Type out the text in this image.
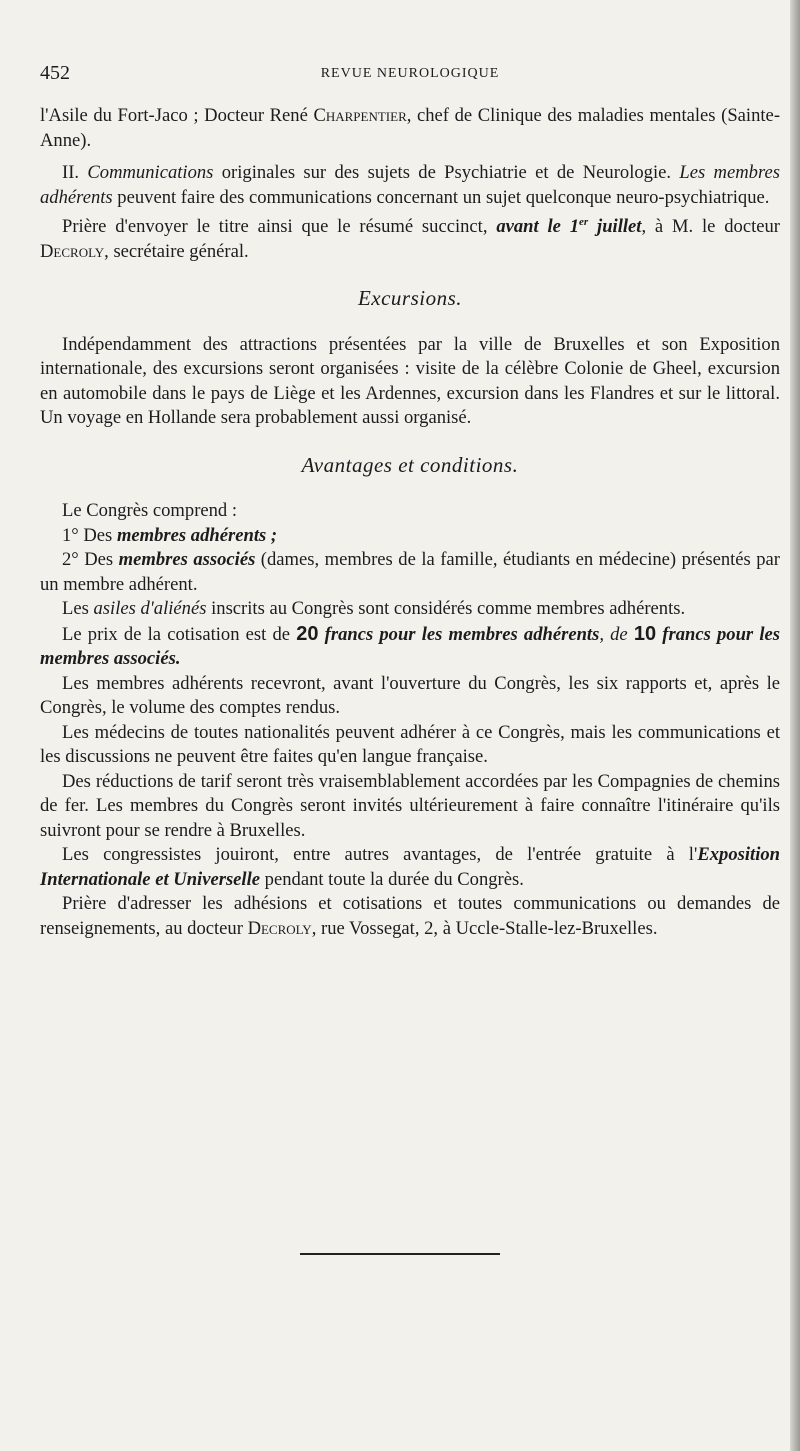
452	REVUE NEUROLOGIQUE

l'Asile du Fort-Jaco ; Docteur René Charpentier, chef de Clinique des maladies mentales (Sainte-Anne).

II. Communications originales sur des sujets de Psychiatrie et de Neurologie. Les membres adhérents peuvent faire des communications concernant un sujet quelconque neuro-psychiatrique.

Prière d'envoyer le titre ainsi que le résumé succinct, avant le 1er juillet, à M. le docteur Decroly, secrétaire général.

Excursions.

Indépendamment des attractions présentées par la ville de Bruxelles et son Exposition internationale, des excursions seront organisées : visite de la célèbre Colonie de Gheel, excursion en automobile dans le pays de Liège et les Ardennes, excursion dans les Flandres et sur le littoral. Un voyage en Hollande sera probablement aussi organisé.

Avantages et conditions.

Le Congrès comprend :

1° Des membres adhérents ;

2° Des membres associés (dames, membres de la famille, étudiants en médecine) présentés par un membre adhérent.

Les asiles d'aliénés inscrits au Congrès sont considérés comme membres adhérents.

Le prix de la cotisation est de 20 francs pour les membres adhérents, de 10 francs pour les membres associés.

Les membres adhérents recevront, avant l'ouverture du Congrès, les six rapports et, après le Congrès, le volume des comptes rendus.

Les médecins de toutes nationalités peuvent adhérer à ce Congrès, mais les communications et les discussions ne peuvent être faites qu'en langue française.

Des réductions de tarif seront très vraisemblablement accordées par les Compagnies de chemins de fer. Les membres du Congrès seront invités ultérieurement à faire connaître l'itinéraire qu'ils suivront pour se rendre à Bruxelles.

Les congressistes jouiront, entre autres avantages, de l'entrée gratuite à l'Exposition Internationale et Universelle pendant toute la durée du Congrès.

Prière d'adresser les adhésions et cotisations et toutes communications ou demandes de renseignements, au docteur Decroly, rue Vossegat, 2, à Uccle-Stalle-lez-Bruxelles.
